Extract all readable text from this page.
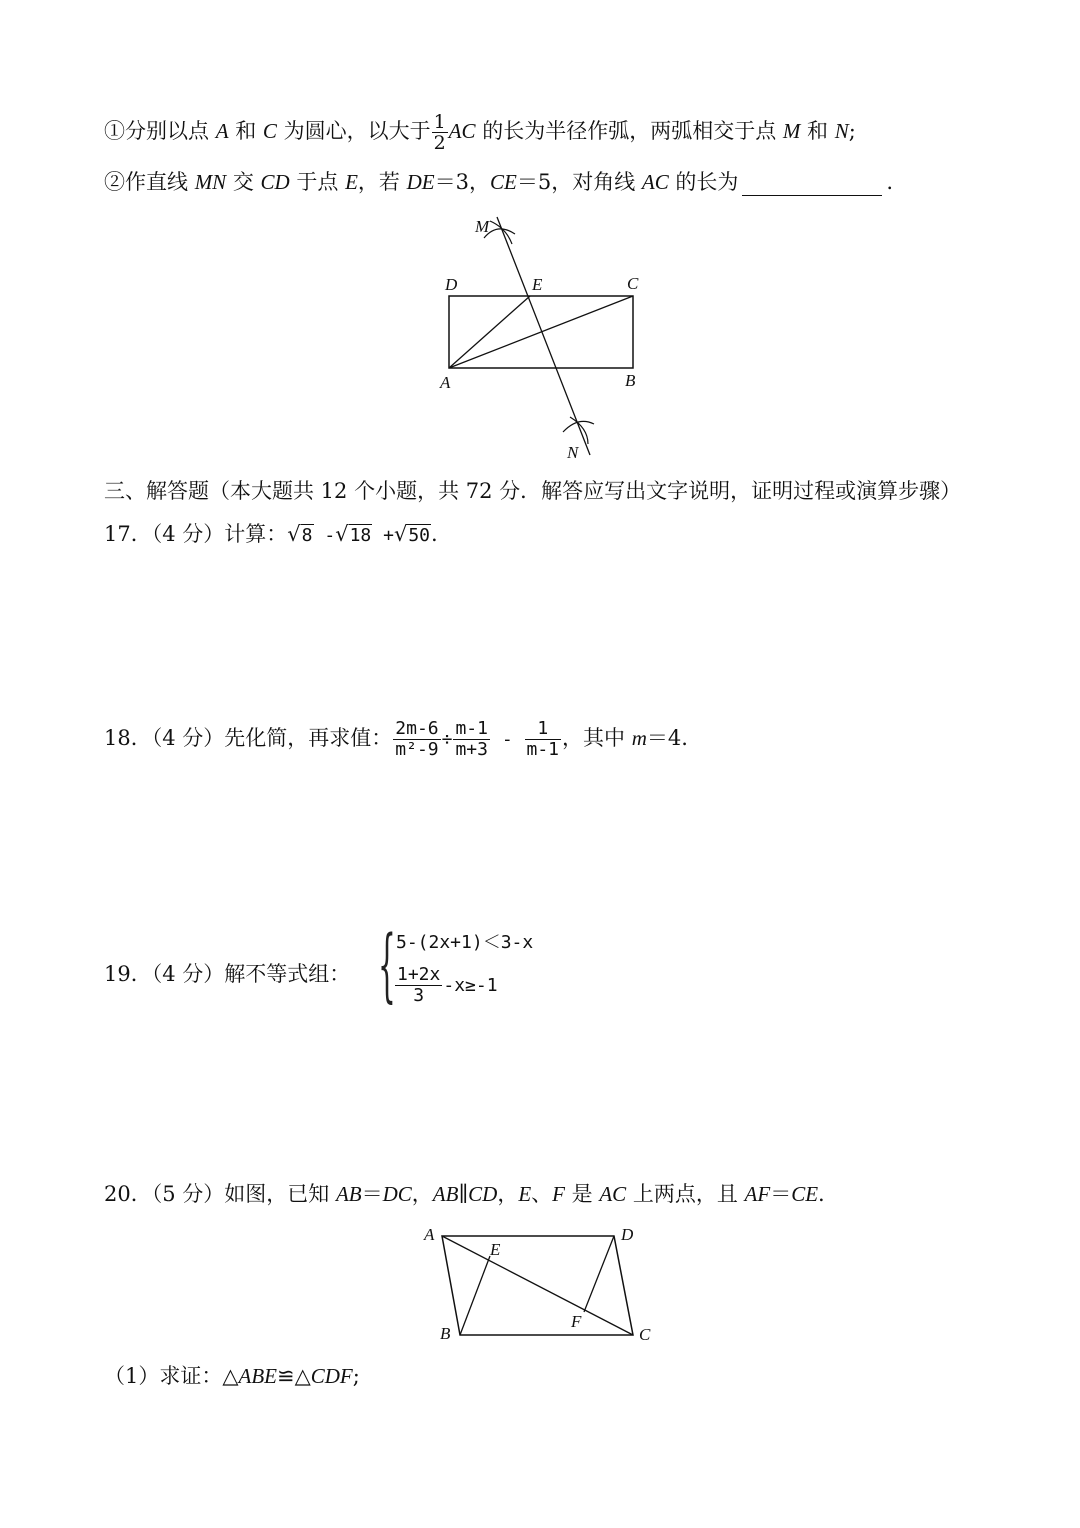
①分别以点 A 和 C 为圆心，以大于 $\frac{1}{2}$ AC 的长为半径作弧，两弧相交于点 M 和 N;
②作直线 MN 交 CD 于点 E，若 DE＝3，CE＝5，对角线 AC 的长为	.
M
D	E	C
A	B
N
三、解答题（本大题共 12 个小题，共 72 分．解答应写出文字说明，证明过程或演算步骤）
17．（4 分）计算：√8 -√18 +√50.
18．（4 分）先化简，再求值： $\frac{2m-6}{\text{m²-9}} \div \frac{m-1}{m+3} - \frac{1}{m-1}$ ，其中 m＝4.
19．（4 分）解不等式组： { 5-(2x+1)＜3-x
$\frac{1+2x}{3} -x\ge-1$
20．（5 分）如图，已知 AB＝DC，AB∥CD，E、F 是 AC 上两点，且 AF＝CE.
A	D
E
B
F
C
（1）求证：△ABE≌△CDF;
